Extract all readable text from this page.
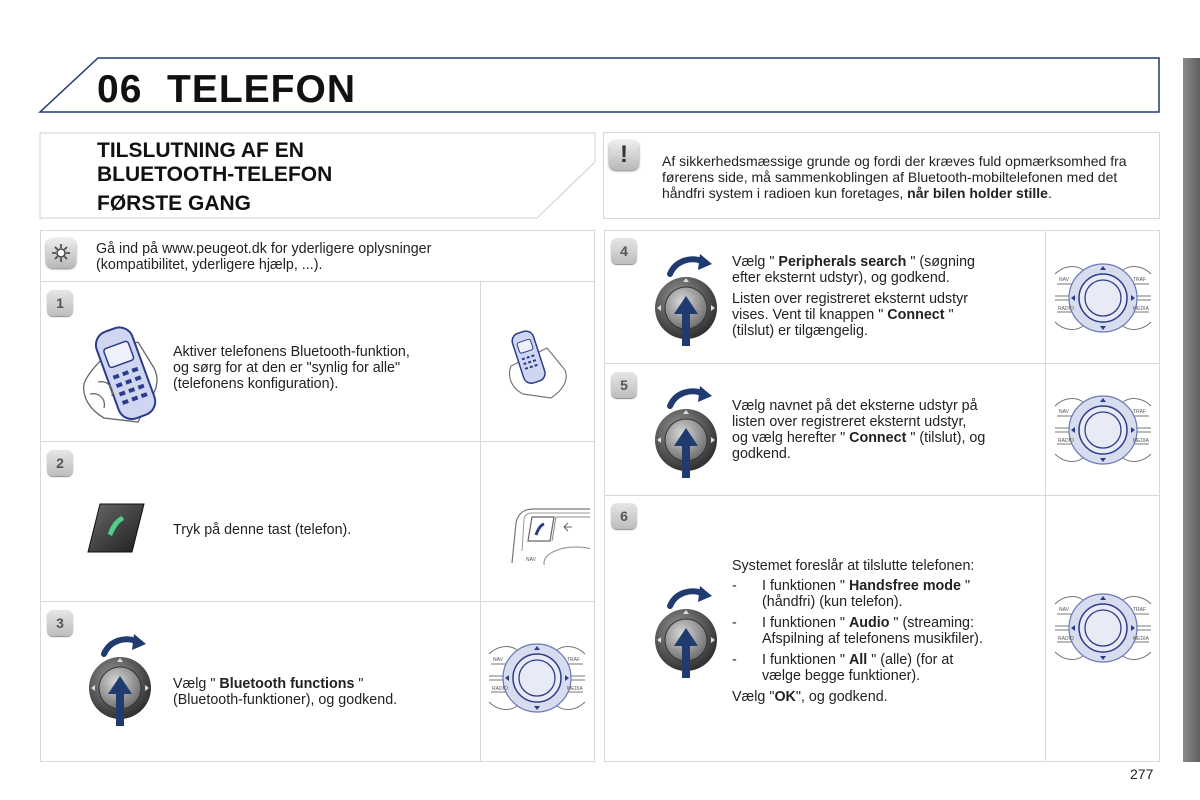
06 TELEFON
TILSLUTNING AF EN
BLUETOOTH-TELEFON
FØRSTE GANG
!	Af sikkerhedsmæssige grunde og fordi der kræves fuld opmærksomhed fra førerens side, må sammenkoblingen af Bluetooth-mobiltelefonen med det håndfri system i radioen kun foretages, når bilen holder stille.
Gå ind på www.peugeot.dk for yderligere oplysninger
(kompatibilitet, yderligere hjælp, ...).
1
Aktiver telefonens Bluetooth-funktion,
og sørg for at den er "synlig for alle"
(telefonens konfiguration).
2
Tryk på denne tast (telefon).
NAV
3
Vælg " Bluetooth functions "
(Bluetooth-funktioner), og godkend.
4
Vælg " Peripherals search " (søgning
efter eksternt udstyr), og godkend.
Listen over registreret eksternt udstyr
vises. Vent til knappen " Connect "
(tilslut) er tilgængelig.
5
Vælg navnet på det eksterne udstyr på
listen over registreret eksternt udstyr,
og vælg herefter " Connect " (tilslut), og
godkend.
6
Systemet foreslår at tilslutte telefonen:
- I funktionen " Handsfree mode "
(håndfri) (kun telefon).
- I funktionen " Audio " (streaming:
Afspilning af telefonens musikfiler).
- I funktionen " All " (alle) (for at
vælge begge funktioner).
Vælg "OK", og godkend.
277
NAV	TRAF
RADIO	MEDIA
NAV	TRAF
RADIO	MEDIA
NAV	TRAF
RADIO	MEDIA
NAV	TRAF
RADIO	MEDIA
